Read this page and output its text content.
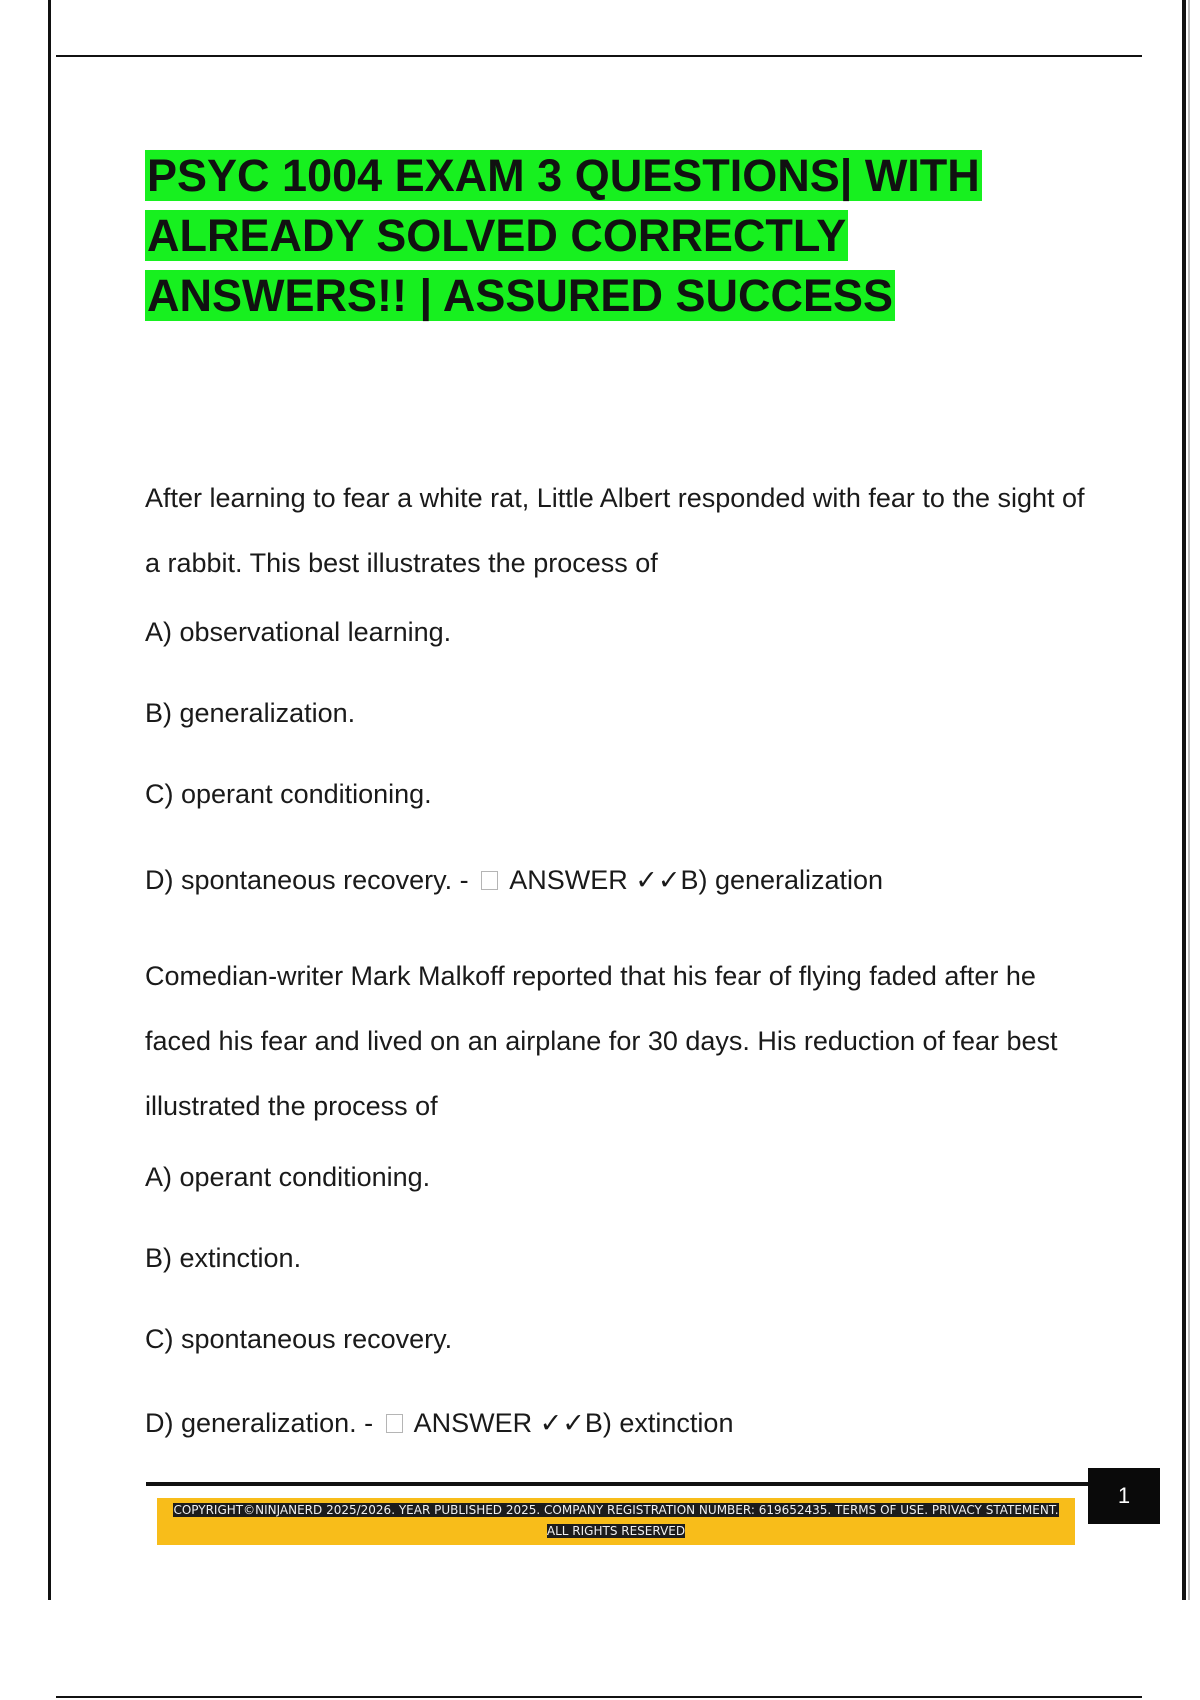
PSYC 1004 EXAM 3 QUESTIONS| WITH ALREADY SOLVED CORRECTLY ANSWERS!! | ASSURED SUCCESS

After learning to fear a white rat, Little Albert responded with fear to the sight of a rabbit. This best illustrates the process of

A) observational learning.

B) generalization.

C) operant conditioning.

D) spontaneous recovery. - ANSWER ✓✓B) generalization

Comedian-writer Mark Malkoff reported that his fear of flying faded after he faced his fear and lived on an airplane for 30 days. His reduction of fear best illustrated the process of

A) operant conditioning.

B) extinction.

C) spontaneous recovery.

D) generalization. - ANSWER ✓✓B) extinction

COPYRIGHT©NINJANERD 2025/2026. YEAR PUBLISHED 2025. COMPANY REGISTRATION NUMBER: 619652435. TERMS OF USE. PRIVACY STATEMENT. ALL RIGHTS RESERVED

1
